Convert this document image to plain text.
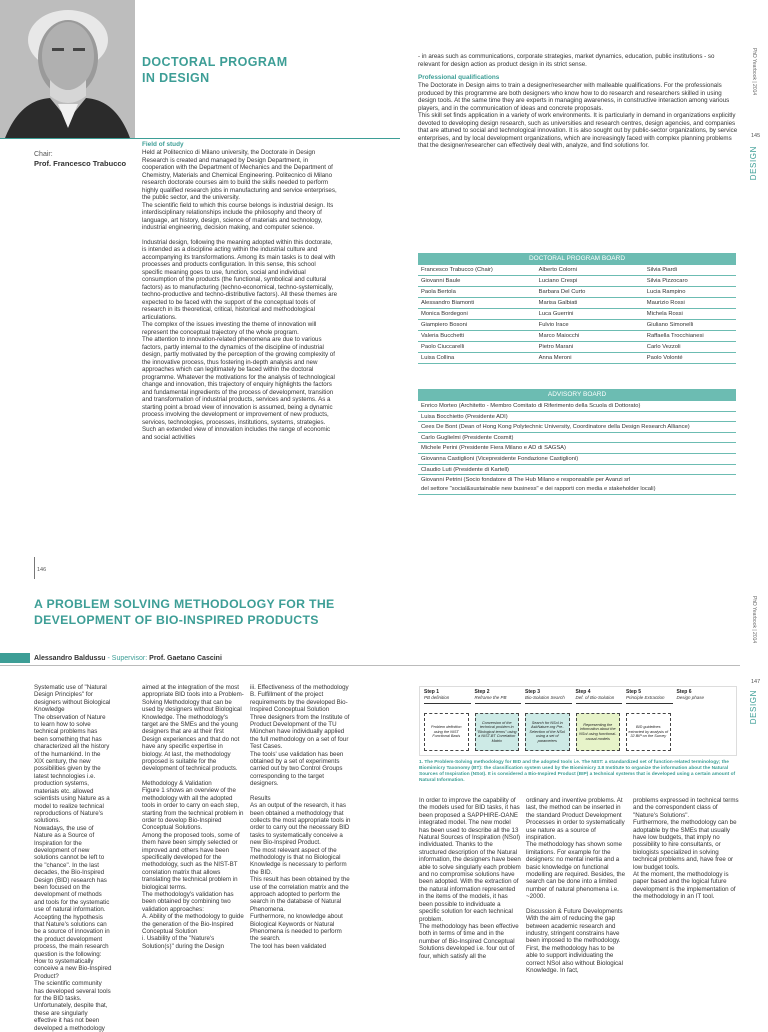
Chair:
Prof. Francesco Trabucco
DOCTORAL PROGRAM
IN DESIGN
Field of study
Held at Politecnico di Milano university, the Doctorate in Design Research is created and managed by Design Department, in cooperation with the Department of Mechanics and the Department of Chemistry, Materials and Chemical Engineering. Politecnico di Milano research doctorate courses aim to build the skills needed to perform highly qualified research jobs in manufacturing and service enterprises, the public sector, and the university.
The scientific field to which this course belongs is industrial design. Its interdisciplinary relationships include the philosophy and theory of language, art history, design, science of materials and technology, industrial engineering, decision making, and computer science.
Industrial design, following the meaning adopted within this doctorate, is intended as a discipline acting within the industrial culture and accompanying its transformations. Among its main tasks is to deal with processes and products configuration. In this sense, this school specific meaning goes to use, function, social and individual consumption of the products (the functional, symbolical and cultural factors) as to manufacturing (techno-economical, techno-systemically, techno-productive and techno-distributive factors). All these themes are expected to be faced with the support of the conceptual tools of research in its theoretical, critical, historical and methodological articulations.
The complex of the issues investing the theme of innovation will represent the conceptual trajectory of the whole program.
The attention to innovation-related phenomena are due to various factors, partly internal to the dynamics of the discipline of industrial design, partly motivated by the perception of the growing complexity of the innovative process, thus fostering in-depth analysis and new approaches which can legitimately be faced within the doctoral programme. Whatever the motivations for the analysis of technological change and innovation, this trajectory of enquiry highlights the factors and fundamental ingredients of the process of development, transition and transformation of industrial products, services and systems. As a starting point a broad view of innovation is assumed, being a dynamic process involving the development or improvement of new products, services, technologies, processes, institutions, systems, strategies. Such an extended view of innovation includes the range of economic and social activities
- in areas such as communications, corporate strategies, market dynamics, education, public institutions - so relevant for design action as product design in its strict sense.
Professional qualifications
The Doctorate in Design aims to train a designer/researcher with malleable qualifications. For the professionals produced by this programme are both designers who know how to do research and researchers skilled in using design tools. At the same time they are experts in managing awareness, in constructive interaction among various players, and in the communication of ideas and concrete proposals.
This skill set finds application in a variety of work environments. It is particularly in demand in organizations explicitly devoted to developing design research, such as universities and research centres, design agencies, and companies that are attuned to social and technological innovation. It is also sought out by public-sector organizations, by service enterprises, and by local development organizations, which are increasingly faced with complex planning problems that the designer/researcher can effectively deal with, analyze, and find solutions for.
DOCTORAL PROGRAM BOARD
Francesco Trabucco (Chair)	Alberto Colorni	Silvia Piardi
Giovanni Baule	Luciano Crespi	Silvia Pizzocaro
Paola Bertola	Barbara Del Curto	Lucia Rampino
Alessandro Biamonti	Marisa Galbiati	Maurizio Rossi
Monica Bordegoni	Luca Guerrini	Michela Rossi
Giampiero Bosoni	Fulvio Irace	Giuliano Simonelli
Valeria Bucchetti	Marco Maiocchi	Raffaella Trocchianesi
Paolo Ciuccarelli	Pietro Marani	Carlo Vezzoli
Luisa Collina	Anna Meroni	Paolo Volonté
ADVISORY BOARD
Enrico Morteo (Architetto - Membro Comitato di Riferimento della Scuola di Dottorato)
Luisa Bocchietto (Presidente ADI)
Cees De Bont (Dean of Hong Kong Polytechnic University, Coordinatore della Design Research Alliance)
Carlo Guglielmi (Presidente Cosmit)
Michele Perini (Presidente Fiera Milano e AD di SAGSA)
Giovanna Castiglioni (Vicepresidente Fondazione Castiglioni)
Claudio Luti (Presidente di Kartell)
Giovanni Petrini (Socio fondatore di The Hub Milano e responsabile per Avanzi srl
del settore "social&sustainable new business" e dei rapporti con media e stakeholder locali)
PhD Yearbook | 2014
145
DESIGN
146
A PROBLEM SOLVING METHODOLOGY FOR THE
DEVELOPMENT OF BIO-INSPIRED PRODUCTS
Alessandro Baldussu - Supervisor: Prof. Gaetano Cascini
PhD Yearbook | 2014
147
DESIGN
Systematic use of "Natural Design Principles" for designers without Biological Knowledge
The observation of Nature to learn how to solve technical problems has been something that has characterized all the history of the humankind. In the XIX century, the new possibilities given by the latest technologies i.e. production systems, materials etc. allowed scientists using Nature as a model to realize technical reproductions of Nature's solutions.
Nowadays, the use of Nature as a Source of Inspiration for the development of new solutions cannot be left to the "chance". In the last decades, the Bio-Inspired Design (BID) research has been focused on the development of methods and tools for the systematic use of natural information.
Accepting the hypothesis that Nature's solutions can be a source of innovation in the product development process, the main research question is the following: How to systematically conceive a new Bio-Inspired Product?
The scientific community has developed several tools for the BID tasks. Unfortunately, despite that, these are singularly effective it has not been developed a methodology
aimed at the integration of the most appropriate BID tools into a Problem-Solving Methodology that can be used by designers without Biological Knowledge. The methodology's target are the SMEs and the young designers that are at their first Design experiences and that do not have any specific expertise in biology. At last, the methodology proposed is suitable for the development of technical products.
Methodology & Validation
Figure 1 shows an overview of the methodology with all the adopted tools in order to carry on each step, starting from the technical problem in order to develop Bio-Inspired Conceptual Solutions.
Among the proposed tools, some of them have been simply selected or improved and others have been specifically developed for the methodology, such as the NIST-BT correlation matrix that allows translating the technical problem in biological terms.
The methodology's validation has been obtained by combining two validation approaches:
A. Ability of the methodology to guide the generation of the Bio-Inspired Conceptual Solution
i. Usability of the "Nature's Solution(s)" during the Design
iii. Effectiveness of the methodology
B. Fulfillment of the project requirements by the developed Bio-Inspired Conceptual Solution
Three designers from the Institute of Product Development of the TU München have individually applied the full methodology on a set of four Test Cases.
The tools' use validation has been obtained by a set of experiments carried out by two Control Groups corresponding to the target designers.
Results
As an output of the research, it has been obtained a methodology that collects the most appropriate tools in order to carry out the necessary BID tasks to systematically conceive a new Bio-Inspired Product.
The most relevant aspect of the methodology is that no Biological Knowledge is necessary to perform the BID.
This result has been obtained by the use of the correlation matrix and the approach adopted to perform the search in the database of Natural Phenomena.
Furthermore, no knowledge about Biological Keywords or Natural Phenomena is needed to perform the search.
The tool has been validated
Step 1
PB definition
Step 2
Reframe the PB
Step 3
Bio-Solution Search
Step 4
Def. of Bio-Solution
Step 5
Principle Extraction
Step 6
Design phase
Problem definition using the NIST Functional Basis
Conversion of the technical problem in "Biological terms" using a NIST-BT Correlation Matrix
Search for NSoI in AskNature.org Pre-Selection of the NSoI using a set of parameters
Representing the information about the NSoI using functional-causal models
BID guidelines extracted by analysis of 32 BIP on the Survey
1. The Problem-Solving methodology for BID and the adopted tools i.e. The NIST: a standardized set of function-related terminology; the Biomimicry Taxonomy (BT): the classification system used by the Biomimicry 3.8 Institute to organize the information about the Natural Sources of Inspiration (NSoI). It is considered a Bio-Inspired Product (BIP) a technical systems that is developed using a certain amount of Natural Information.
In order to improve the capability of the models used for BID tasks, it has been proposed a SAPPHIRE-OANE integrated model. The new model has been used to describe all the 13 Natural Sources of Inspiration (NSoI) individuated. Thanks to the structured description of the Natural information, the designers have been able to solve singularly each problem and no compromise solutions have been adopted. With the extraction of the natural information represented in the items of the models, it has been possible to individuate a specific solution for each technical problem.
The methodology has been effective both in terms of time and in the number of Bio-Inspired Conceptual Solutions developed i.e. four out of four, which satisfy all the
ordinary and inventive problems. At last, the method can be inserted in the standard Product Development Processes in order to systematically use nature as a source of inspiration.
The methodology has shown some limitations. For example for the designers: no mental inertia and a basic knowledge on functional modelling are required. Besides, the search can be done into a limited number of natural phenomena i.e. ~2000.
Discussion & Future Developments
With the aim of reducing the gap between academic research and industry, stringent constrains have been imposed to the methodology.
First, the methodology has to be able to support individuating the correct NSoI also without Biological Knowledge. In fact,
problems expressed in technical terms and the correspondent class of "Nature's Solutions".
Furthermore, the methodology can be adoptable by the SMEs that usually have low budgets, that imply no possibility to hire consultants, or biologists specialized in solving technical problems and, have free or low budget tools.
At the moment, the methodology is paper based and the logical future development is the implementation of the methodology in an IT tool.
